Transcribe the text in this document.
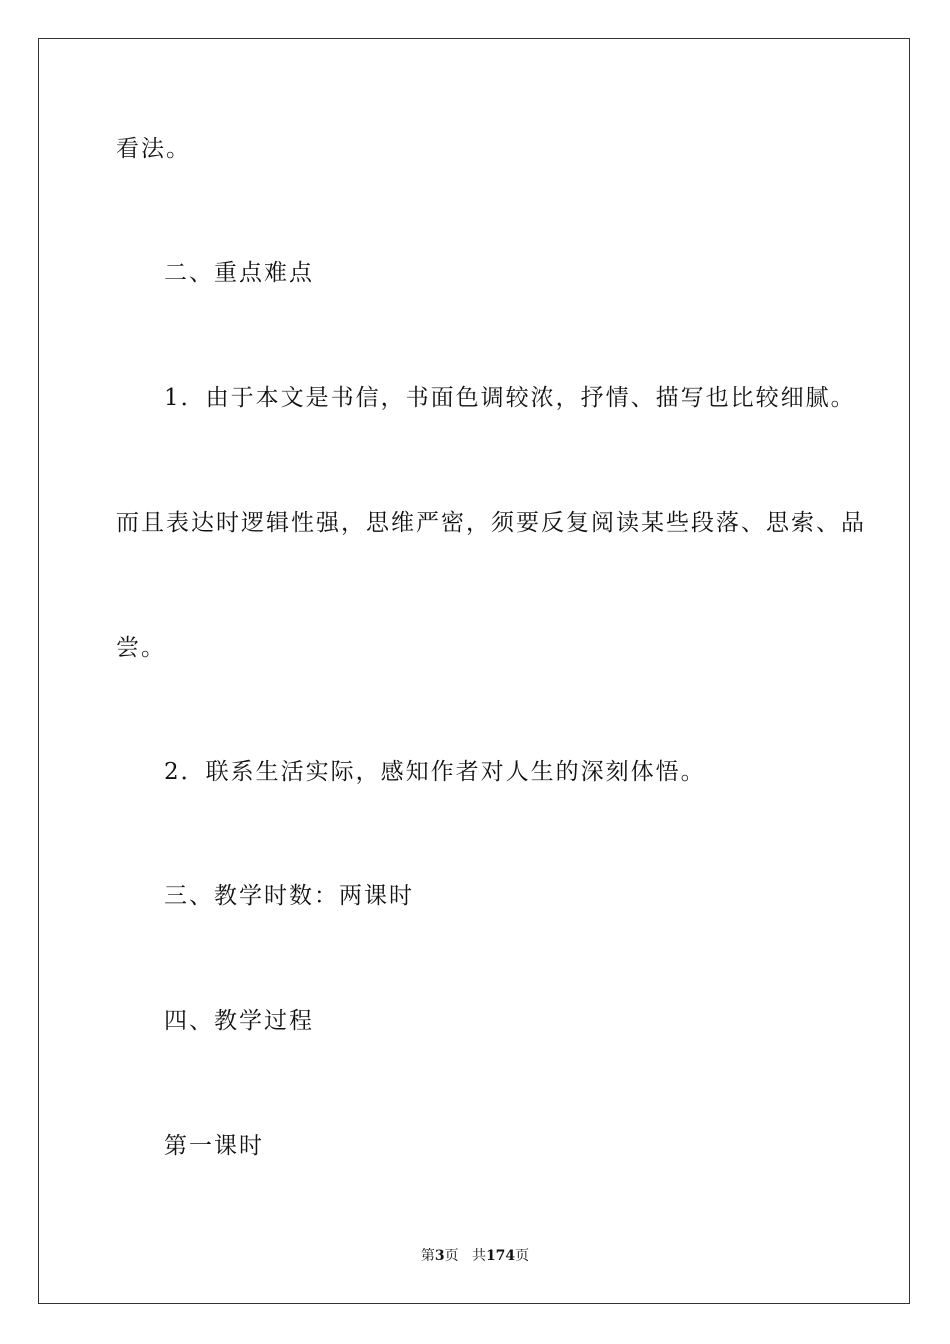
看法。
二、重点难点
1．由于本文是书信，书面色调较浓，抒情、描写也比较细腻。
而且表达时逻辑性强，思维严密，须要反复阅读某些段落、思索、品
尝。
2．联系生活实际，感知作者对人生的深刻体悟。
三、教学时数：两课时
四、教学过程
第一课时
第3页 共174页
